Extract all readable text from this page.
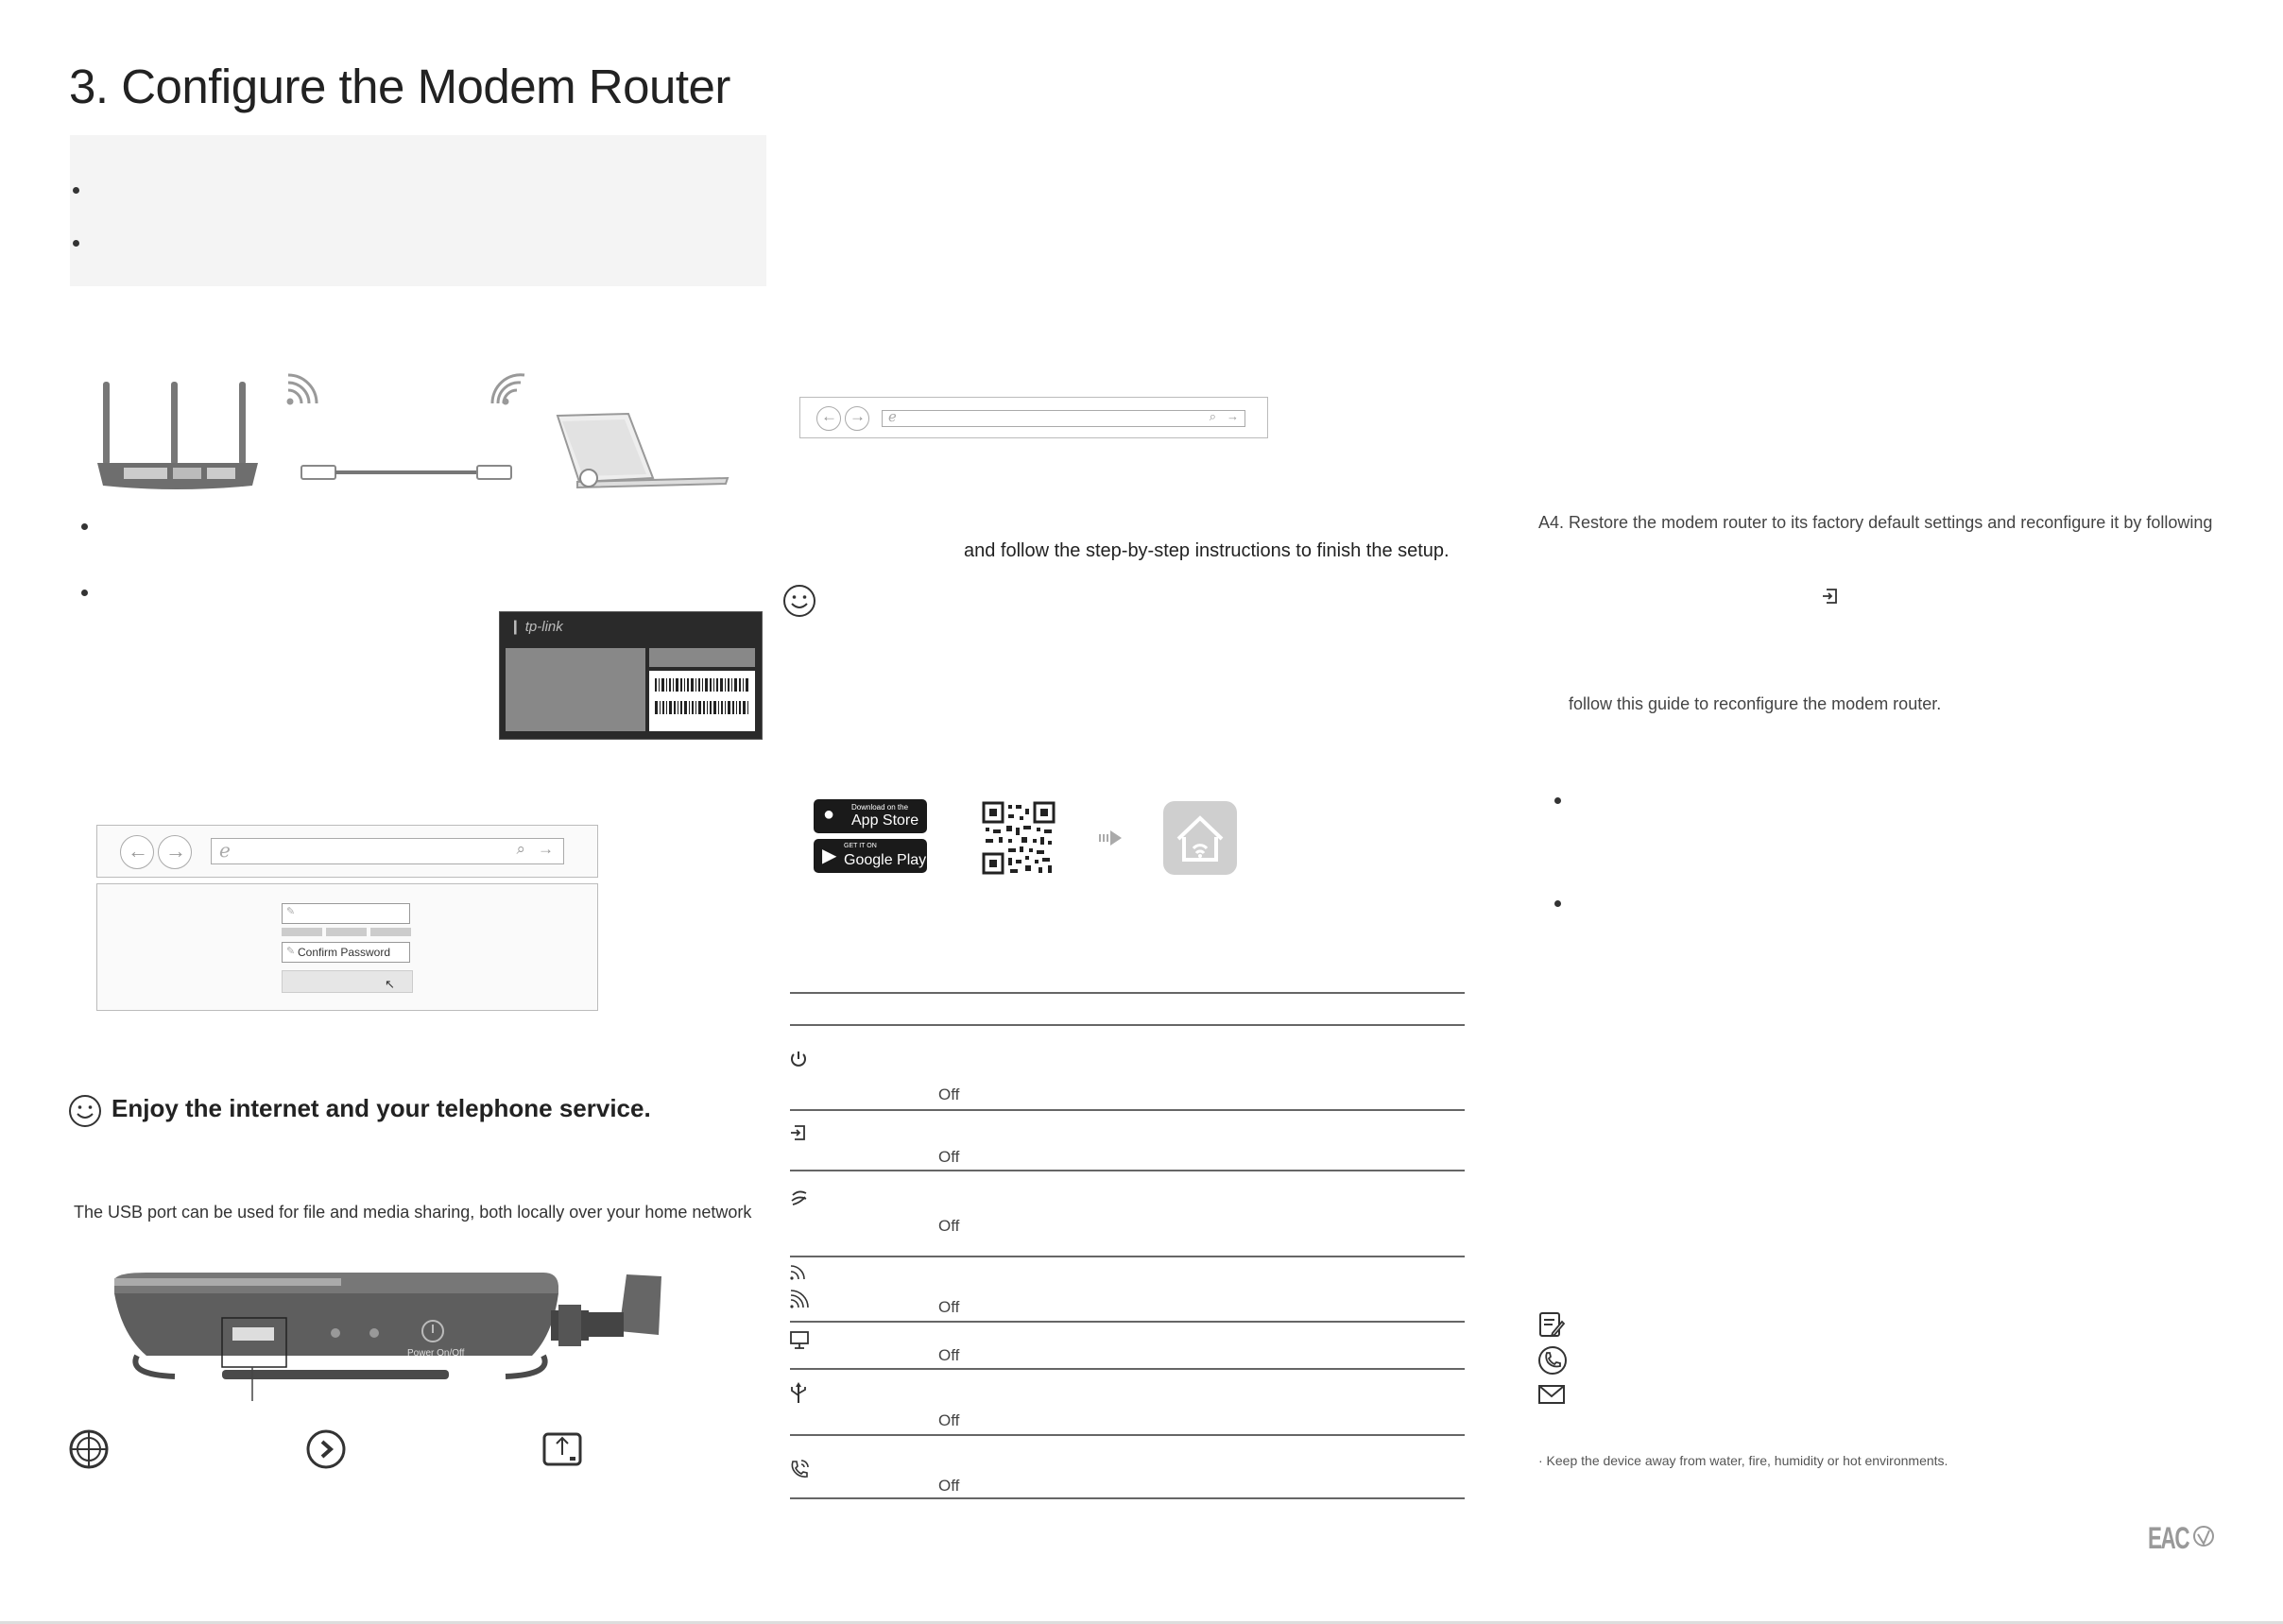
3. Configure the Modem Router
❙ tp-link
← → ℯ	⌕ →
✎
✎ Confirm Password
↖
Enjoy the internet and your telephone service.
The USB port can be used for file and media sharing, both locally over your home network
Power On/Off
← → ℯ	⌕ →
and follow the step-by-step instructions to finish the setup.
● Download on the
App Store
▶ GET IT ON
Google Play
Off
Off
Off
Off
Off
Off
Off
A4. Restore the modem router to its factory default settings and reconfigure it by following
follow this guide to reconfigure the modem router.
· Keep the device away from water, fire, humidity or hot environments.
EAC
